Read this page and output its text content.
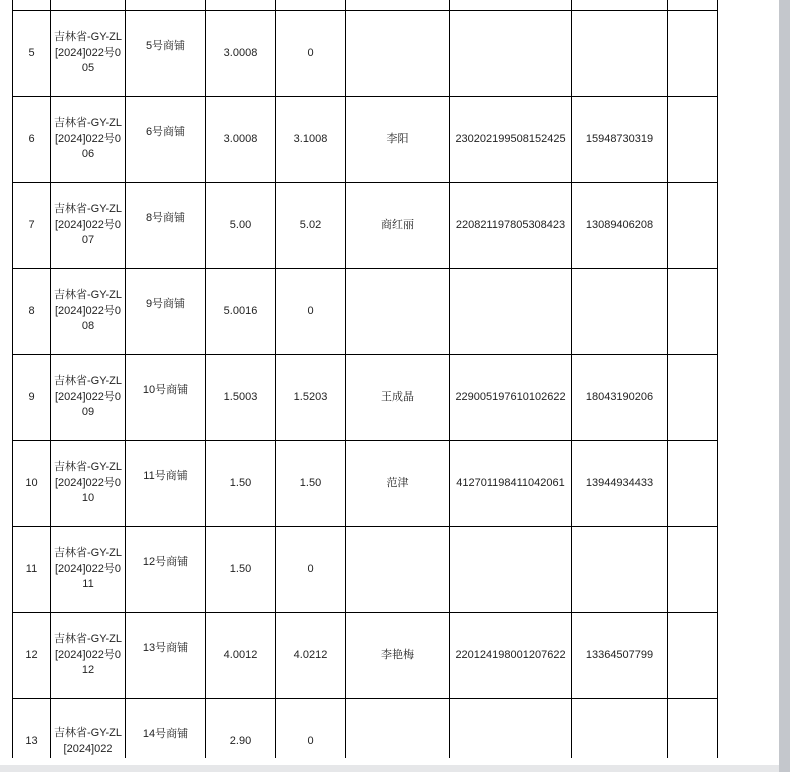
5	吉林省-GY-ZL[2024]022号005	5号商铺	3.0008	0				
6	吉林省-GY-ZL[2024]022号006	6号商铺	3.0008	3.1008	李阳	230202199508152425	15948730319	
7	吉林省-GY-ZL[2024]022号007	8号商铺	5.00	5.02	商红丽	220821197805308423	13089406208	
8	吉林省-GY-ZL[2024]022号008	9号商铺	5.0016	0				
9	吉林省-GY-ZL[2024]022号009	10号商铺	1.5003	1.5203	王成晶	229005197610102622	18043190206	
10	吉林省-GY-ZL[2024]022号010	11号商铺	1.50	1.50	范津	412701198411042061	13944934433	
11	吉林省-GY-ZL[2024]022号011	12号商铺	1.50	0				
12	吉林省-GY-ZL[2024]022号012	13号商铺	4.0012	4.0212	李艳梅	220124198001207622	13364507799	
13	吉林省-GY-ZL[2024]022	14号商铺	2.90	0				
